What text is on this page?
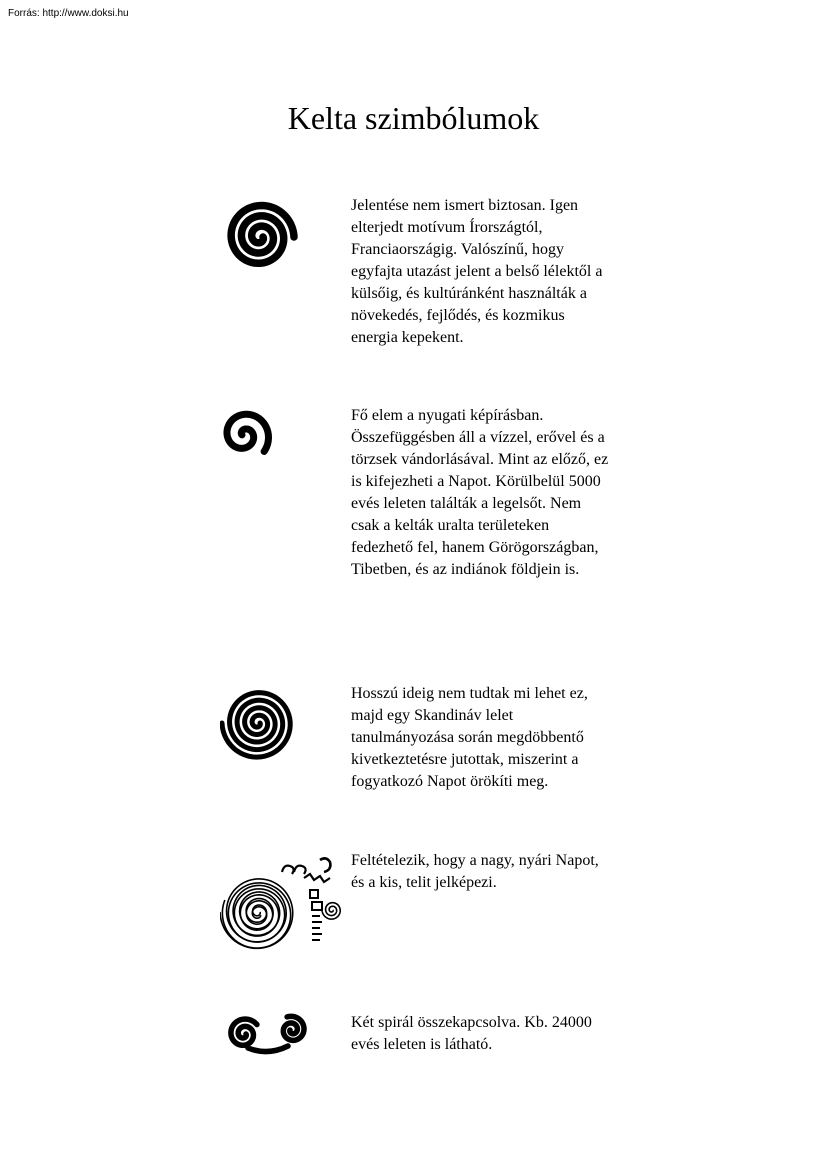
Forrás: http://www.doksi.hu
Kelta szimbólumok

Jelentése nem ismert biztosan. Igen elterjedt motívum Írországtól, Franciaországig. Valószínű, hogy egyfajta utazást jelent a belső lélektől a külsőig, és kultúránként használták a növekedés, fejlődés, és kozmikus energia kepekent.

Fő elem a nyugati képírásban. Összefüggésben áll a vízzel, erővel és a törzsek vándorlásával. Mint az előző, ez is kifejezheti a Napot. Körülbelül 5000 evés leleten találták a legelsőt. Nem csak a kelták uralta területeken fedezhető fel, hanem Görögországban, Tibetben, és az indiánok földjein is.

Hosszú ideig nem tudtak mi lehet ez, majd egy Skandináv lelet tanulmányozása során megdöbbentő kivetkeztetésre jutottak, miszerint a fogyatkozó Napot örökíti meg.

Feltételezik, hogy a nagy, nyári Napot, és a kis, telit jelképezi.

Két spirál összekapcsolva. Kb. 24000 evés leleten is látható.
